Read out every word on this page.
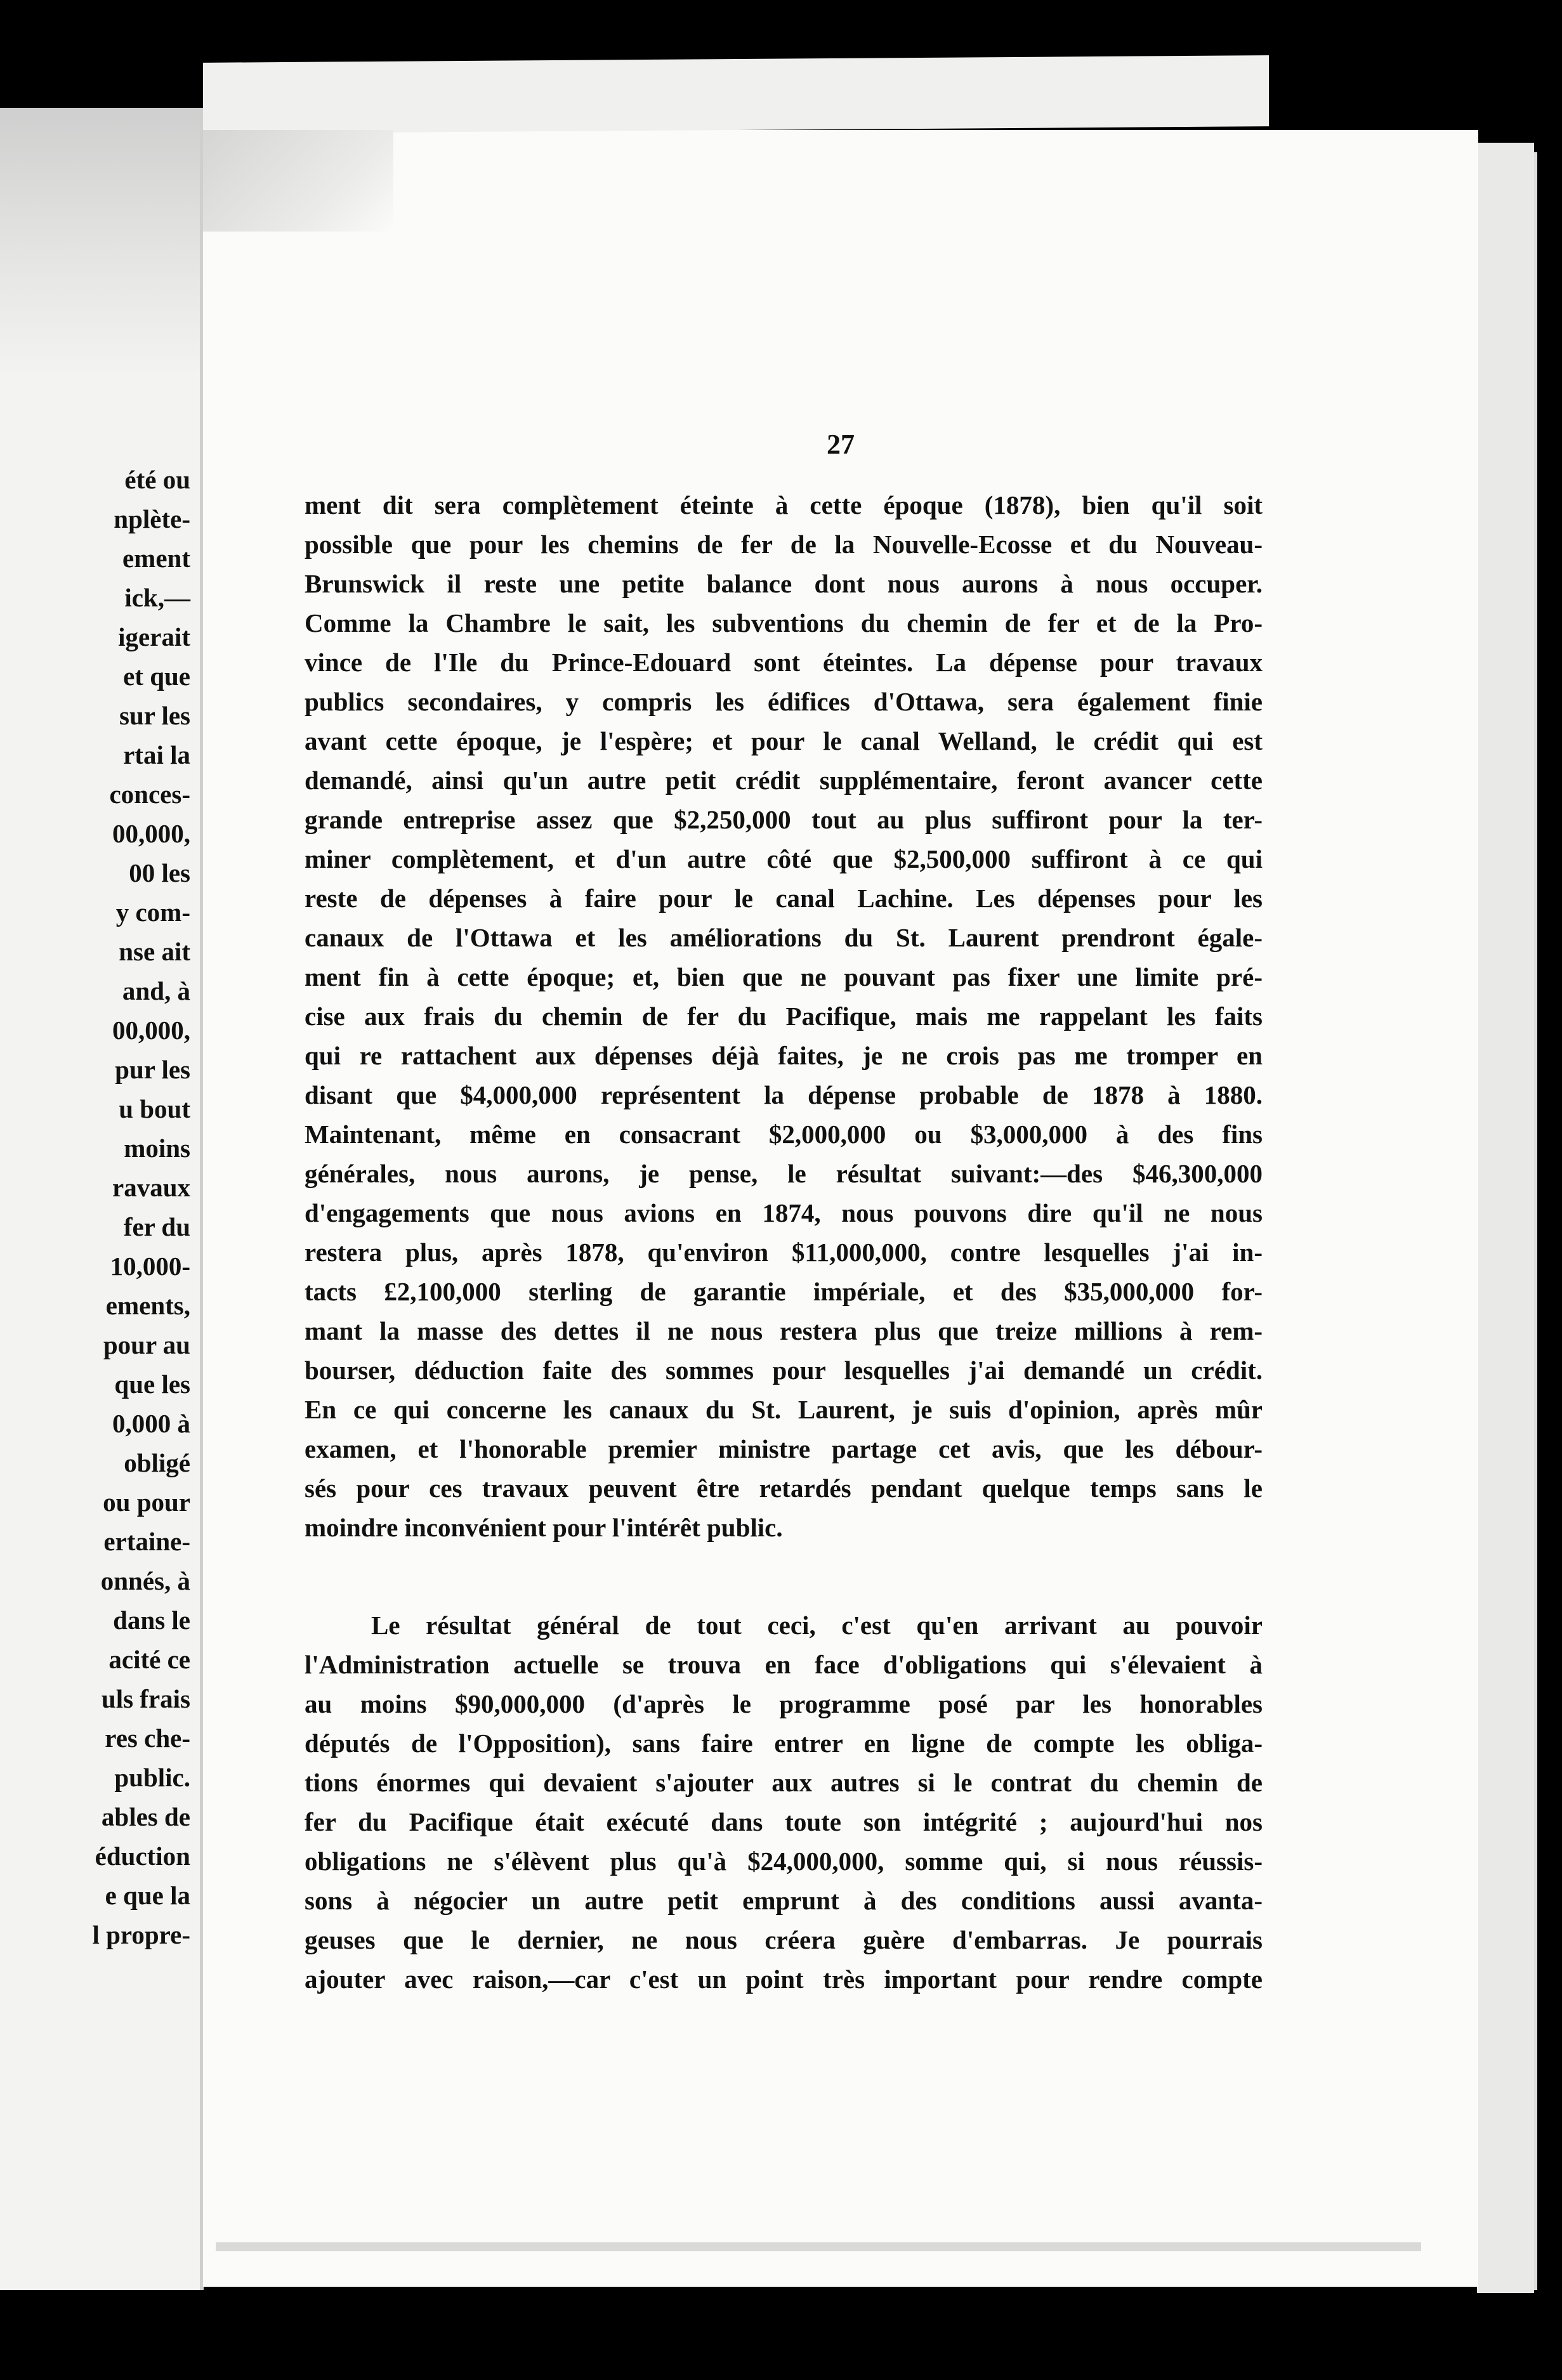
été ou
nplète-
ement
ick,—
igerait
et que
sur les
rtai la
conces-
00,000,
00 les
y com-
nse ait
and, à
00,000,
pur les
u bout
moins
ravaux
fer du
10,000-
ements,
pour au
que les
0,000 à
obligé
ou pour
ertaine-
onnés, à
dans le
acité ce
uls frais
res che-
public.
ables de
éduction
e que la
l propre-
27
ment dit sera complètement éteinte à cette époque (1878), bien qu'il soit
possible que pour les chemins de fer de la Nouvelle-Ecosse et du Nouveau-
Brunswick il reste une petite balance dont nous aurons à nous occuper.
Comme la Chambre le sait, les subventions du chemin de fer et de la Pro-
vince de l'Ile du Prince-Edouard sont éteintes. La dépense pour travaux
publics secondaires, y compris les édifices d'Ottawa, sera également finie
avant cette époque, je l'espère; et pour le canal Welland, le crédit qui est
demandé, ainsi qu'un autre petit crédit supplémentaire, feront avancer cette
grande entreprise assez que $2,250,000 tout au plus suffiront pour la ter-
miner complètement, et d'un autre côté que $2,500,000 suffiront à ce qui
reste de dépenses à faire pour le canal Lachine. Les dépenses pour les
canaux de l'Ottawa et les améliorations du St. Laurent prendront égale-
ment fin à cette époque; et, bien que ne pouvant pas fixer une limite pré-
cise aux frais du chemin de fer du Pacifique, mais me rappelant les faits
qui re rattachent aux dépenses déjà faites, je ne crois pas me tromper en
disant que $4,000,000 représentent la dépense probable de 1878 à 1880.
Maintenant, même en consacrant $2,000,000 ou $3,000,000 à des fins
générales, nous aurons, je pense, le résultat suivant:—des $46,300,000
d'engagements que nous avions en 1874, nous pouvons dire qu'il ne nous
restera plus, après 1878, qu'environ $11,000,000, contre lesquelles j'ai in-
tacts £2,100,000 sterling de garantie impériale, et des $35,000,000 for-
mant la masse des dettes il ne nous restera plus que treize millions à rem-
bourser, déduction faite des sommes pour lesquelles j'ai demandé un crédit.
En ce qui concerne les canaux du St. Laurent, je suis d'opinion, après mûr
examen, et l'honorable premier ministre partage cet avis, que les débour-
sés pour ces travaux peuvent être retardés pendant quelque temps sans le
moindre inconvénient pour l'intérêt public.
Le résultat général de tout ceci, c'est qu'en arrivant au pouvoir
l'Administration actuelle se trouva en face d'obligations qui s'élevaient à
au moins $90,000,000 (d'après le programme posé par les honorables
députés de l'Opposition), sans faire entrer en ligne de compte les obliga-
tions énormes qui devaient s'ajouter aux autres si le contrat du chemin de
fer du Pacifique était exécuté dans toute son intégrité ; aujourd'hui nos
obligations ne s'élèvent plus qu'à $24,000,000, somme qui, si nous réussis-
sons à négocier un autre petit emprunt à des conditions aussi avanta-
geuses que le dernier, ne nous créera guère d'embarras. Je pourrais
ajouter avec raison,—car c'est un point très important pour rendre compte
